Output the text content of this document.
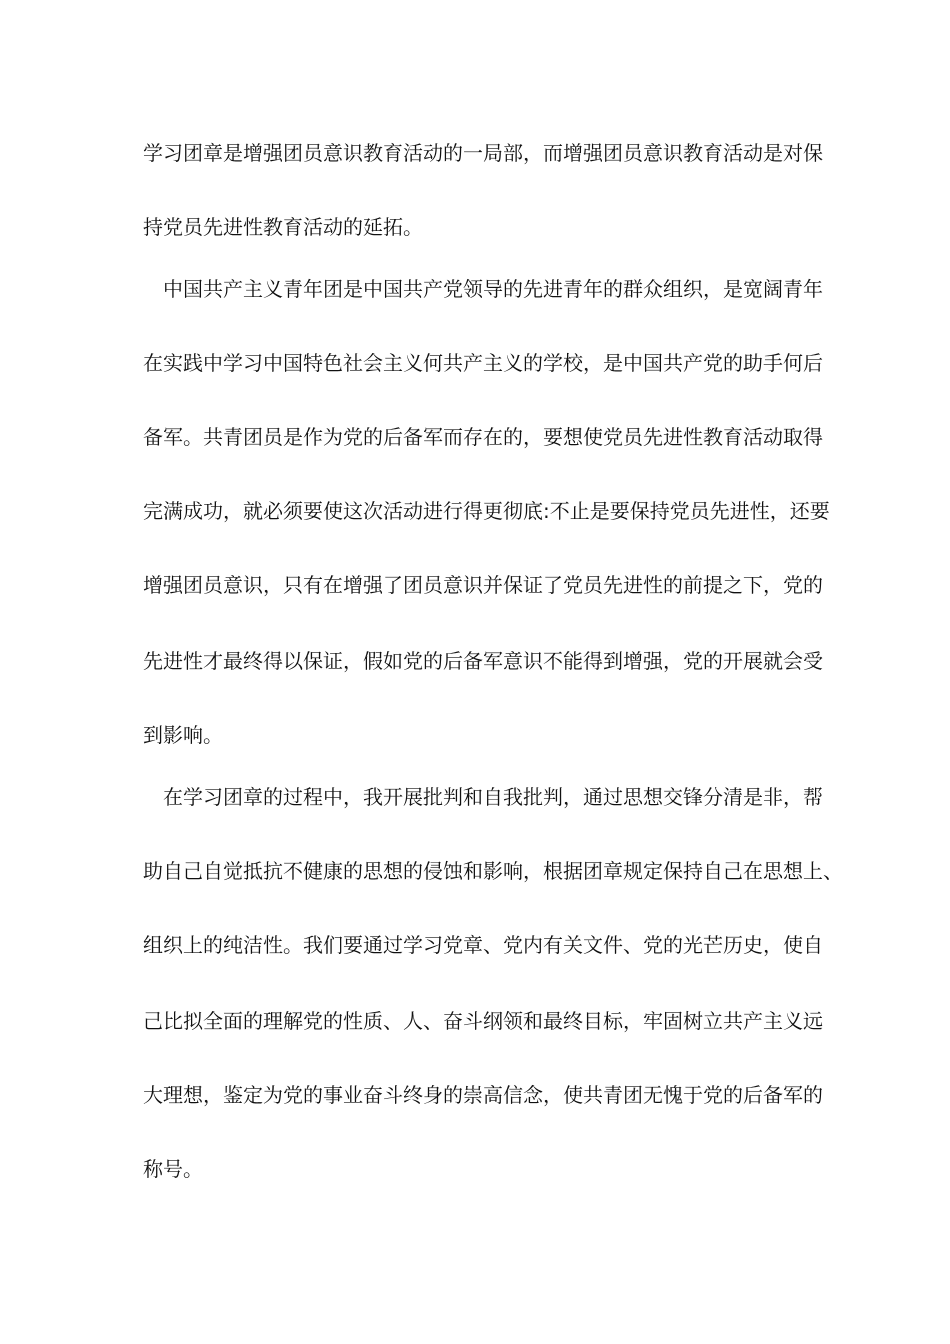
学习团章是增强团员意识教育活动的一局部，而增强团员意识教育活动是对保
持党员先进性教育活动的延拓。
中国共产主义青年团是中国共产党领导的先进青年的群众组织，是宽阔青年
在实践中学习中国特色社会主义何共产主义的学校，是中国共产党的助手何后
备军。共青团员是作为党的后备军而存在的，要想使党员先进性教育活动取得
完满成功，就必须要使这次活动进行得更彻底:不止是要保持党员先进性，还要
增强团员意识，只有在增强了团员意识并保证了党员先进性的前提之下，党的
先进性才最终得以保证，假如党的后备军意识不能得到增强，党的开展就会受
到影响。
在学习团章的过程中，我开展批判和自我批判，通过思想交锋分清是非，帮
助自己自觉抵抗不健康的思想的侵蚀和影响，根据团章规定保持自己在思想上、
组织上的纯洁性。我们要通过学习党章、党内有关文件、党的光芒历史，使自
己比拟全面的理解党的性质、人、奋斗纲领和最终目标，牢固树立共产主义远
大理想，鉴定为党的事业奋斗终身的崇高信念，使共青团无愧于党的后备军的
称号。
